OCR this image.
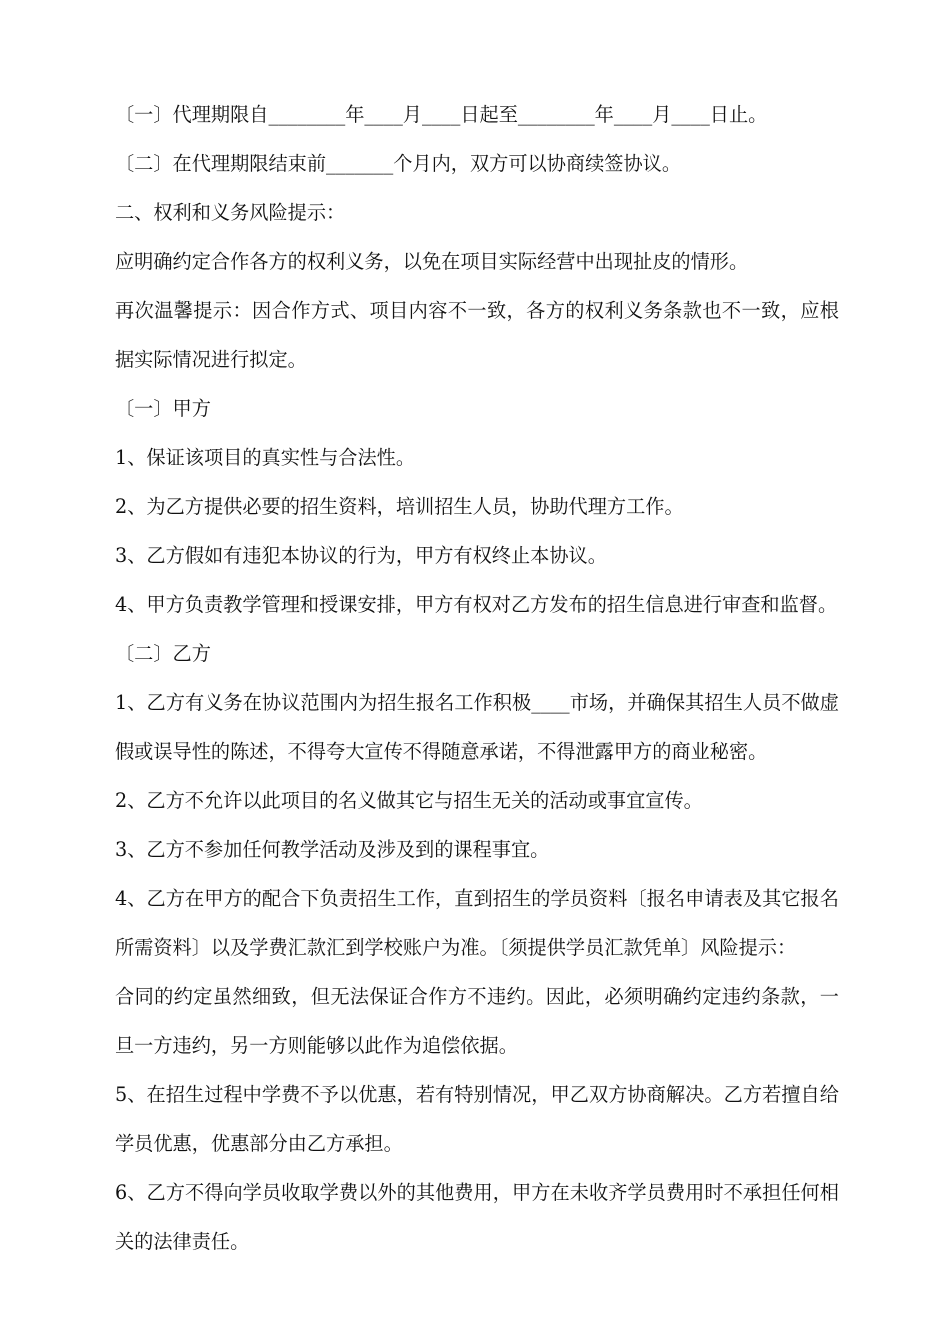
〔一〕代理期限自________年____月____日起至________年____月____日止。
〔二〕在代理期限结束前_______个月内，双方可以协商续签协议。
二、权利和义务风险提示：
应明确约定合作各方的权利义务，以免在项目实际经营中出现扯皮的情形。
再次温馨提示：因合作方式、项目内容不一致，各方的权利义务条款也不一致，应根
据实际情况进行拟定。
〔一〕甲方
1、保证该项目的真实性与合法性。
2、为乙方提供必要的招生资料，培训招生人员，协助代理方工作。
3、乙方假如有违犯本协议的行为，甲方有权终止本协议。
4、甲方负责教学管理和授课安排，甲方有权对乙方发布的招生信息进行审查和监督。
〔二〕乙方
1、乙方有义务在协议范围内为招生报名工作积极____市场，并确保其招生人员不做虚
假或误导性的陈述，不得夸大宣传不得随意承诺，不得泄露甲方的商业秘密。
2、乙方不允许以此项目的名义做其它与招生无关的活动或事宜宣传。
3、乙方不参加任何教学活动及涉及到的课程事宜。
4、乙方在甲方的配合下负责招生工作，直到招生的学员资料〔报名申请表及其它报名
所需资料〕以及学费汇款汇到学校账户为准。〔须提供学员汇款凭单〕风险提示：
合同的约定虽然细致，但无法保证合作方不违约。因此，必须明确约定违约条款，一
旦一方违约，另一方则能够以此作为追偿依据。
5、在招生过程中学费不予以优惠，若有特别情况，甲乙双方协商解决。乙方若擅自给
学员优惠，优惠部分由乙方承担。
6、乙方不得向学员收取学费以外的其他费用，甲方在未收齐学员费用时不承担任何相
关的法律责任。
